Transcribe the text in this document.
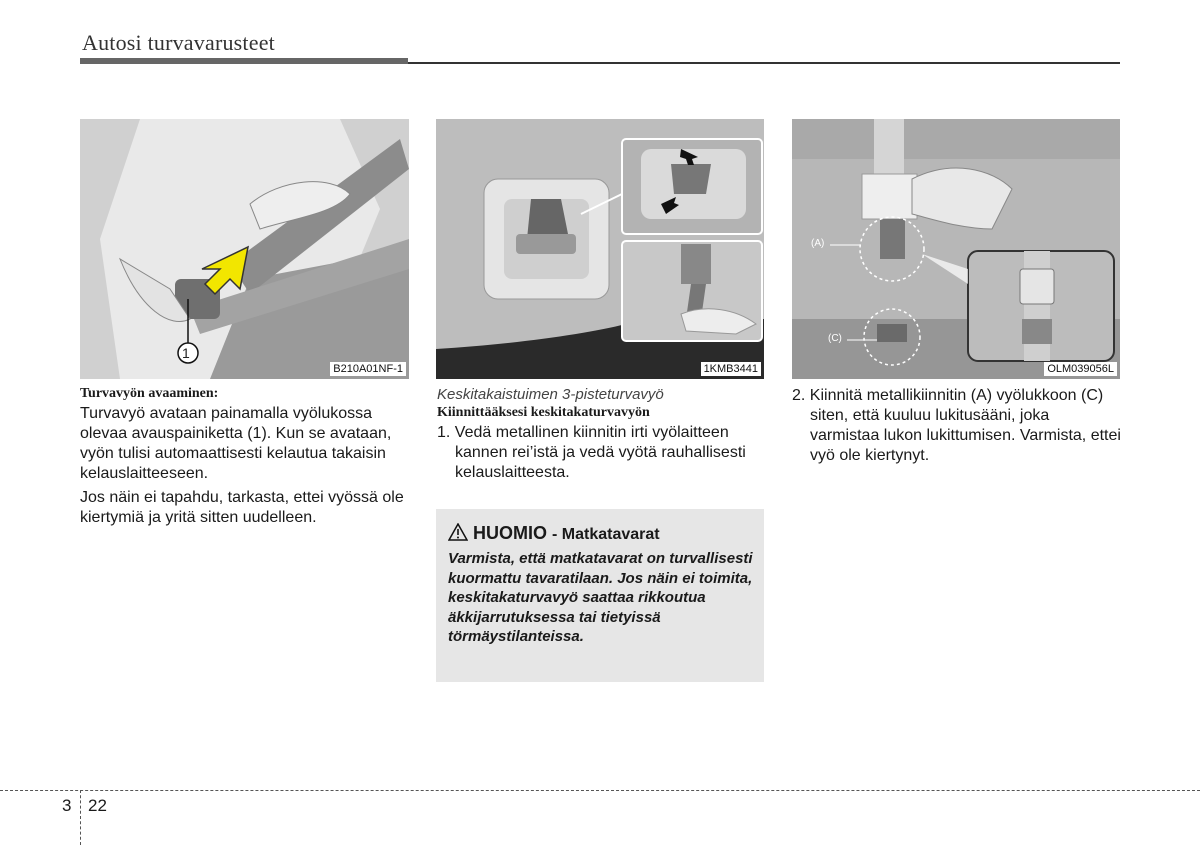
Autosi turvavarusteet
1
B210A01NF-1	1KMB3441
(A)
(C)
OLM039056L

Turvavyön avaaminen:

Turvavyö avataan painamalla vyölukossa olevaa avauspainiketta (1). Kun se avataan, vyön tulisi automaattisesti kelautua takaisin kelauslaitteeseen.

Jos näin ei tapahdu, tarkasta, ettei vyössä ole kiertymiä ja yritä sitten uudelleen.

Keskitakaistuimen 3-pisteturvavyö

Kiinnittääksesi keskitakaturvavyön

1. Vedä metallinen kiinnitin irti vyölaitteen kannen rei’istä ja vedä vyötä rauhallisesti kelauslaitteesta.

HUOMIO - Matkatavarat
Varmista, että matkatavarat on turvallisesti kuormattu tavaratilaan. Jos näin ei toimita, keskitakaturvavyö saattaa rikkoutua äkkijarrutuksessa tai tietyissä törmäystilanteissa.

2. Kiinnitä metallikiinnitin (A) vyölukkoon (C) siten, että kuuluu lukitusääni, joka varmistaa lukon lukittumisen. Varmista, ettei vyö ole kiertynyt.

3 22
